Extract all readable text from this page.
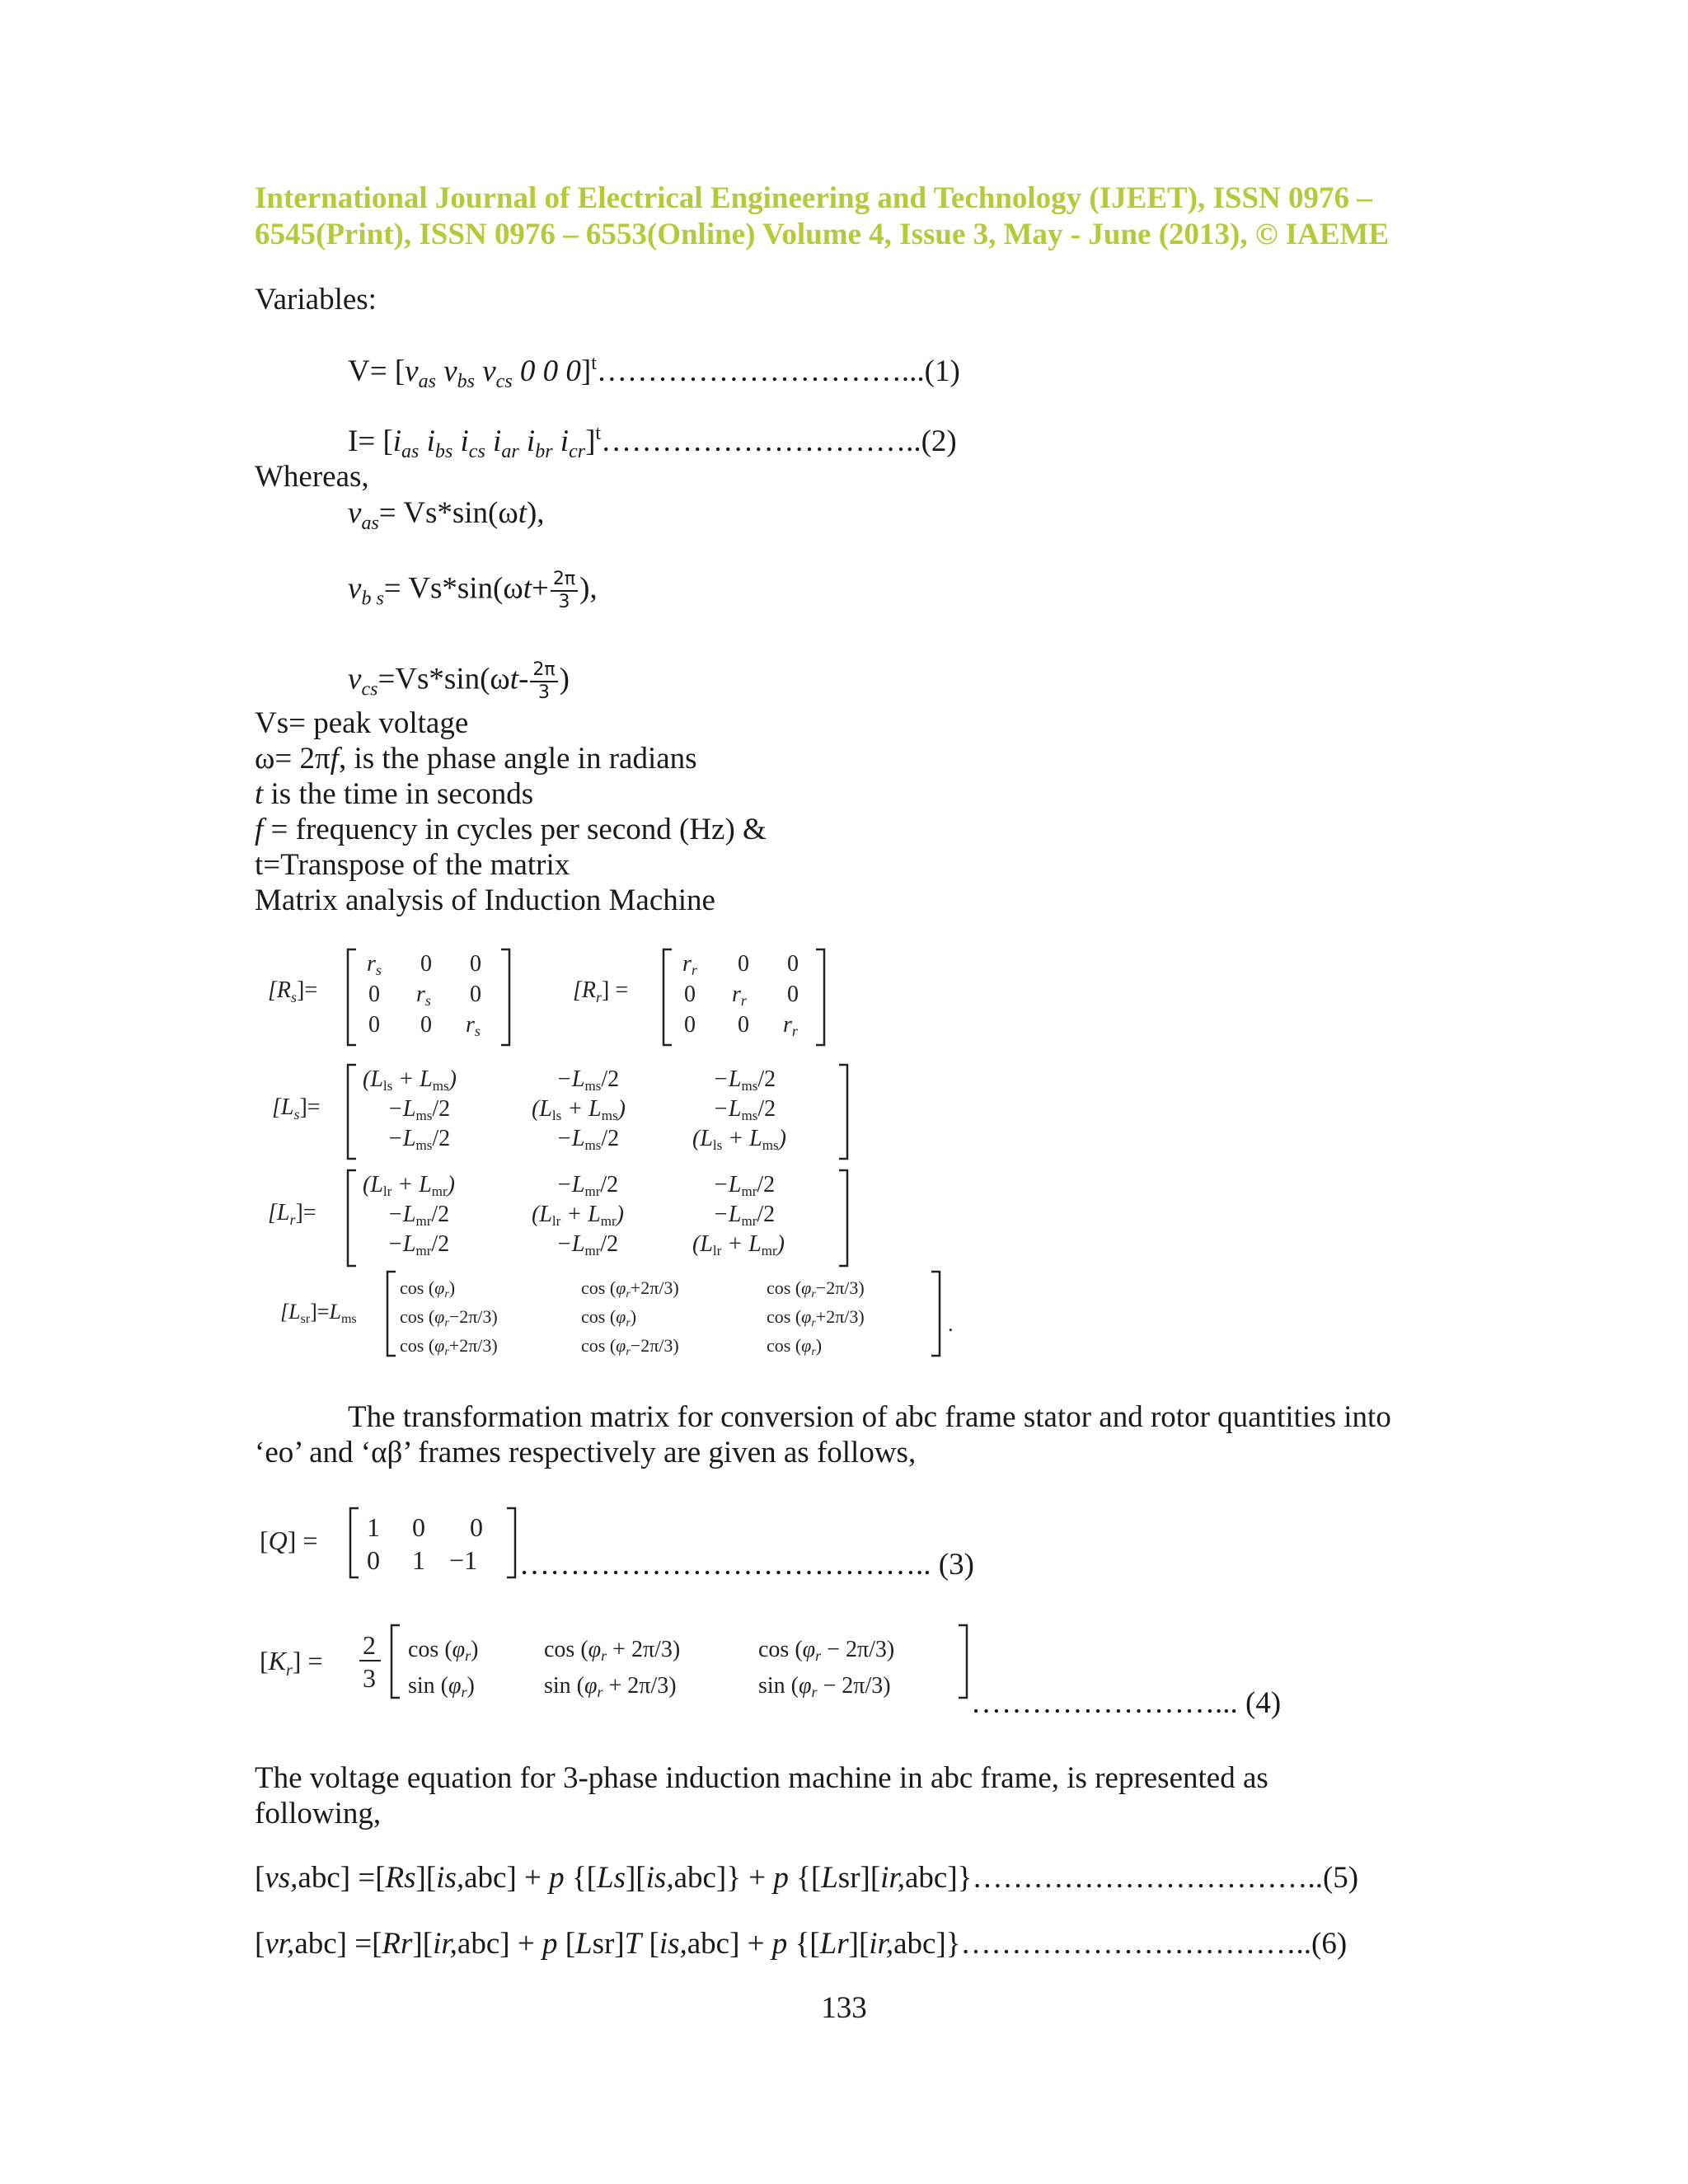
International Journal of Electrical Engineering and Technology (IJEET), ISSN 0976 –
6545(Print), ISSN 0976 – 6553(Online) Volume 4, Issue 3, May - June (2013), © IAEME
Variables:
$V= [v_{as}$ $v_{bs}$ $v_{cs}$ 0 0 0]$^t$…………………………...(1)
$I= [i_{as}$ $i_{bs}$ $i_{cs}$ $i_{ar}$ $i_{br}$ $i_{cr}]^t\dots\dots\dots\dots\dots\dots\dots\dots\dots\dots..(2)$
Whereas,
$v_{as}= Vs*\sin(\omega t)$,
$v_{b s}= Vs*\sin(\omega t+ \frac{2\pi}{3}$ ),
$v_{cs}=Vs*\sin(\omega t- \frac{2\pi}{3}$ )
Vs= peak voltage
ω= 2πf, is the phase angle in radians
t is the time in seconds
f = frequency in cycles per second (Hz) &
t=Transpose of the matrix
Matrix analysis of Induction Machine
$[R_s]=$
rs 0 0
0 rs 0
0 0 rs
$[R_r]$ =
rr 0 0
0 rr 0
0 0 rr
$[L_s]=$
(Lls + Lms)	−Lms/2	−Lms/2
−Lms/2	(Lls + Lms)	−Lms/2
−Lms/2	−Lms/2	(Lls + Lms)
$[L_r]=$
(Llr + Lmr)	−Lmr/2	−Lmr/2
−Lmr/2	(Llr + Lmr)	−Lmr/2
−Lmr/2	−Lmr/2	(Llr + Lmr)
[Lsr]=Lms
cos (φr)	cos (φr+2π/3)	cos (φr−2π/3)
cos (φr−2π/3)	cos (φr)	cos (φr+2π/3)
cos (φr+2π/3)	cos (φr−2π/3)	cos (φr)
.
The transformation matrix for conversion of abc frame stator and rotor quantities into
‘eo’ and ‘αβ’ frames respectively are given as follows,
[Q] = 1 0 0
0 1 −1 ………………………………….. (3)
$[K_r]$ =
2
3
cos (φr)	cos (φr + 2π/3)	cos (φr − 2π/3)
sin (φr)	sin (φr + 2π/3)	sin (φr − 2π/3)
……………………... (4)
The voltage equation for 3-phase induction machine in abc frame, is represented as
following,
[vs,abc] =[Rs][is,abc] + p {[Ls][is,abc]} + p {[Lsr][ir,abc]}……………………………..(5)
[vr,abc] =[Rr][ir,abc] + p [Lsr]T [is,abc] + p {[Lr][ir,abc]}……………………………..(6)
133
